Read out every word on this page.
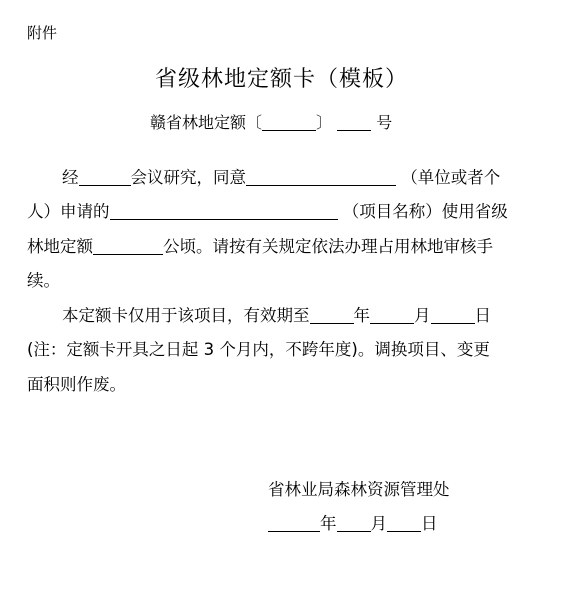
附件
省级林地定额卡（模板）
赣省林地定额〔	〕	号
经	会议研究，同意	（单位或者个
人）申请的	（项目名称）使用省级
林地定额	公顷。请按有关规定依法办理占用林地审核手
续。
本定额卡仅用于该项目，有效期至	年	月	日
(注：定额卡开具之日起 3 个月内，不跨年度)。调换项目、变更
面积则作废。
省林业局森林资源管理处
年 月 日
